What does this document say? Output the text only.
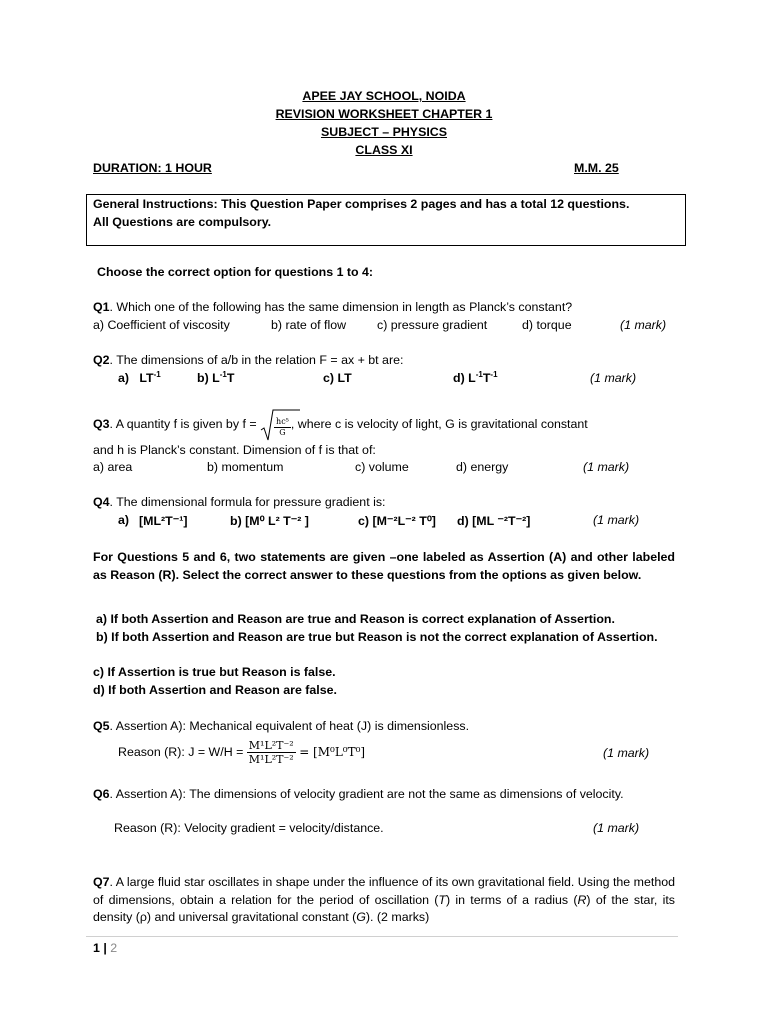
APEE JAY SCHOOL, NOIDA
REVISION WORKSHEET CHAPTER 1
SUBJECT – PHYSICS
CLASS XI
DURATION: 1 HOUR	M.M. 25
General Instructions: This Question Paper comprises 2 pages and has a total 12 questions.
All Questions are compulsory.
Choose the correct option for questions 1 to 4:
Q1. Which one of the following has the same dimension in length as Planck’s constant?
a) Coefficient of viscosity	b) rate of flow c) pressure gradient	d) torque	(1 mark)
Q2. The dimensions of a/b in the relation F = ax + bt are:
a) $LT^{-1}$	b) $L^{-1}T$	c) LT	d) $L^{-1}T^{-1}$	(1 mark)
Q3. A quantity f is given by $f = \frac{\text{hc⁵}}{G}$ , where c is velocity of light, G is gravitational constant
and h is Planck’s constant. Dimension of f is that of:
a) area	b) momentum	c) volume	d) energy	(1 mark)
Q4. The dimensional formula for pressure gradient is:
a) [ML²T⁻¹]	b) [M⁰ L² T⁻² ]	c) [M⁻²L⁻² T⁰] d) [ML ⁻²T⁻²]	(1 mark)
For Questions 5 and 6, two statements are given –one labeled as Assertion (A) and other labeled as Reason (R). Select the correct answer to these questions from the options as given below.
a) If both Assertion and Reason are true and Reason is correct explanation of Assertion.
b) If both Assertion and Reason are true but Reason is not the correct explanation of Assertion.
c) If Assertion is true but Reason is false.
d) If both Assertion and Reason are false.
Q5. Assertion A): Mechanical equivalent of heat (J) is dimensionless.
Reason (R): $J = W/H = \frac{\text{M¹L²T⁻²}}{\text{M¹L²T⁻²}} = [M^0L^0T^0]$	(1 mark)
Q6. Assertion A): The dimensions of velocity gradient are not the same as dimensions of velocity.
Reason (R): Velocity gradient = velocity/distance.	(1 mark)
Q7. A large fluid star oscillates in shape under the influence of its own gravitational field. Using the method of dimensions, obtain a relation for the period of oscillation (T) in terms of a radius (R) of the star, its density (ρ) and universal gravitational constant (G). (2 marks)
1 | 2
